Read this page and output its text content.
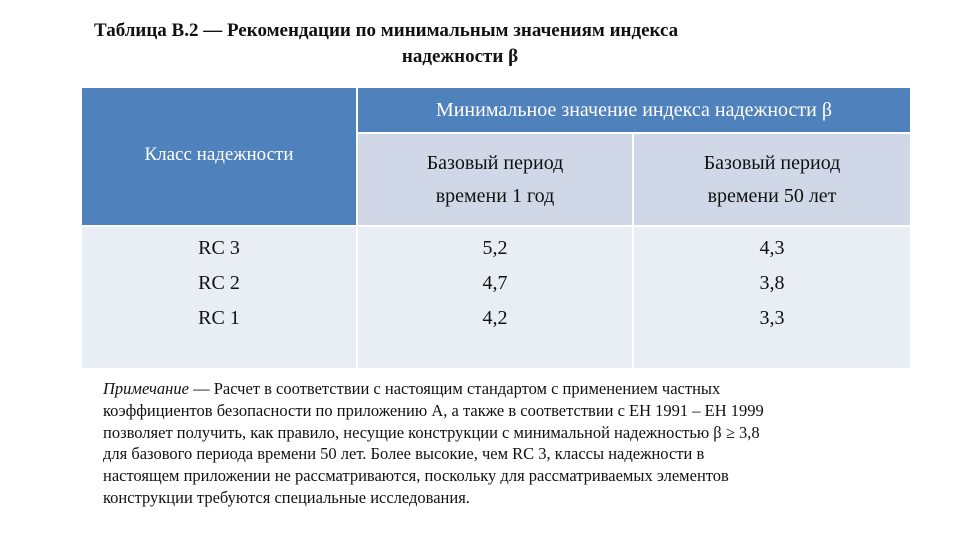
Таблица В.2 — Рекомендации по минимальным значениям индекса
надежности β
Класс надежности
Минимальное значение индекса надежности β
Базовый период
времени 1 год
Базовый период
времени 50 лет
RC 3
RC 2
RC 1
5,2
4,7
4,2
4,3
3,8
3,3
Примечание — Расчет в соответствии с настоящим стандартом с применением частных
коэффициентов безопасности по приложению А, а также в соответствии с ЕН 1991 – ЕН 1999
позволяет получить, как правило, несущие конструкции с минимальной надежностью β ≥ 3,8
для базового периода времени 50 лет. Более высокие, чем RC 3, классы надежности в
настоящем приложении не рассматриваются, поскольку для рассматриваемых элементов
конструкции требуются специальные исследования.
